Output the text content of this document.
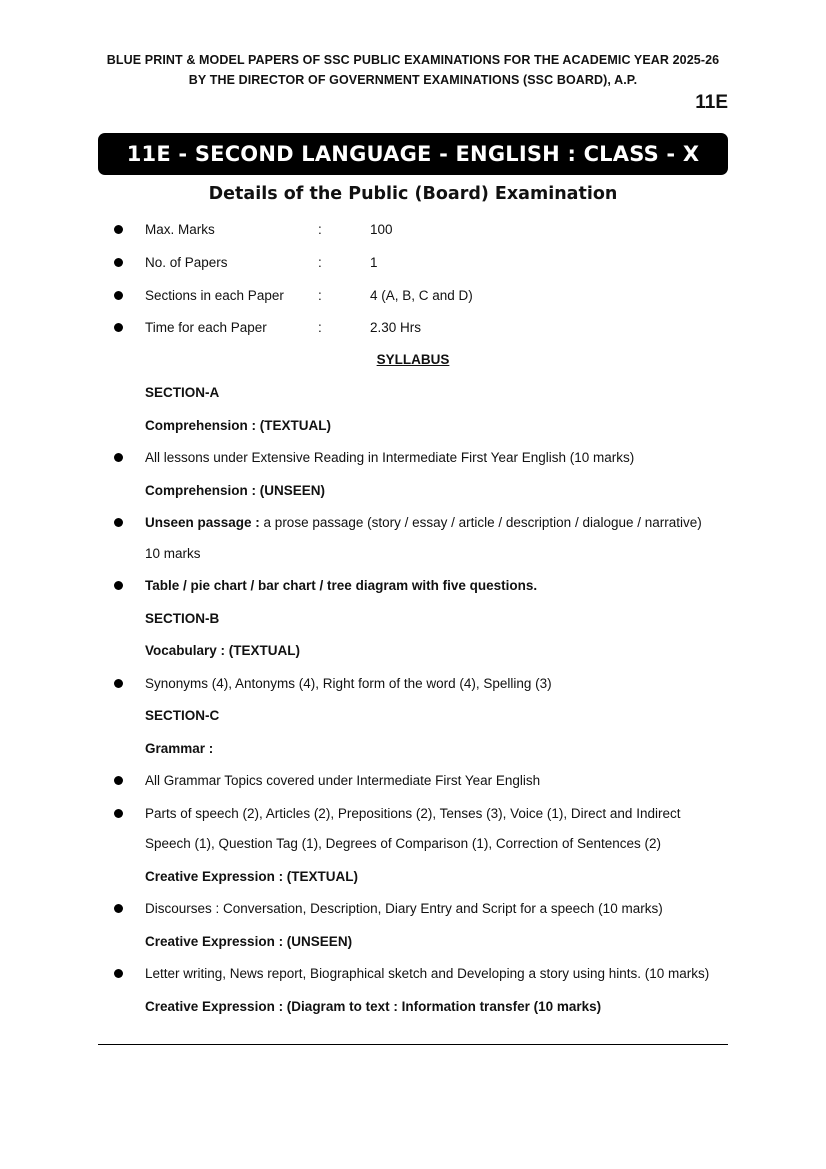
BLUE PRINT & MODEL PAPERS OF SSC PUBLIC EXAMINATIONS FOR THE ACADEMIC YEAR 2025-26
BY THE DIRECTOR OF GOVERNMENT EXAMINATIONS (SSC BOARD), A.P.
11E
11E - SECOND LANGUAGE - ENGLISH : CLASS - X
Details of the Public (Board) Examination
Max. Marks	:	100
No. of Papers	:	1
Sections in each Paper	:	4 (A, B, C and D)
Time for each Paper	:	2.30 Hrs
SYLLABUS
SECTION-A
Comprehension : (TEXTUAL)
All lessons under Extensive Reading in Intermediate First Year English (10 marks)
Comprehension : (UNSEEN)
Unseen passage : a prose passage (story / essay / article / description / dialogue / narrative)
10 marks
Table / pie chart / bar chart / tree diagram with five questions.
SECTION-B
Vocabulary : (TEXTUAL)
Synonyms (4), Antonyms (4), Right form of the word (4), Spelling (3)
SECTION-C
Grammar :
All Grammar Topics covered under Intermediate First Year English
Parts of speech (2), Articles (2), Prepositions (2), Tenses (3), Voice (1), Direct and Indirect
Speech (1), Question Tag (1), Degrees of Comparison (1), Correction of Sentences (2)
Creative Expression : (TEXTUAL)
Discourses : Conversation, Description, Diary Entry and Script for a speech (10 marks)
Creative Expression : (UNSEEN)
Letter writing, News report, Biographical sketch and Developing a story using hints. (10 marks)
Creative Expression : (Diagram to text : Information transfer (10 marks)
